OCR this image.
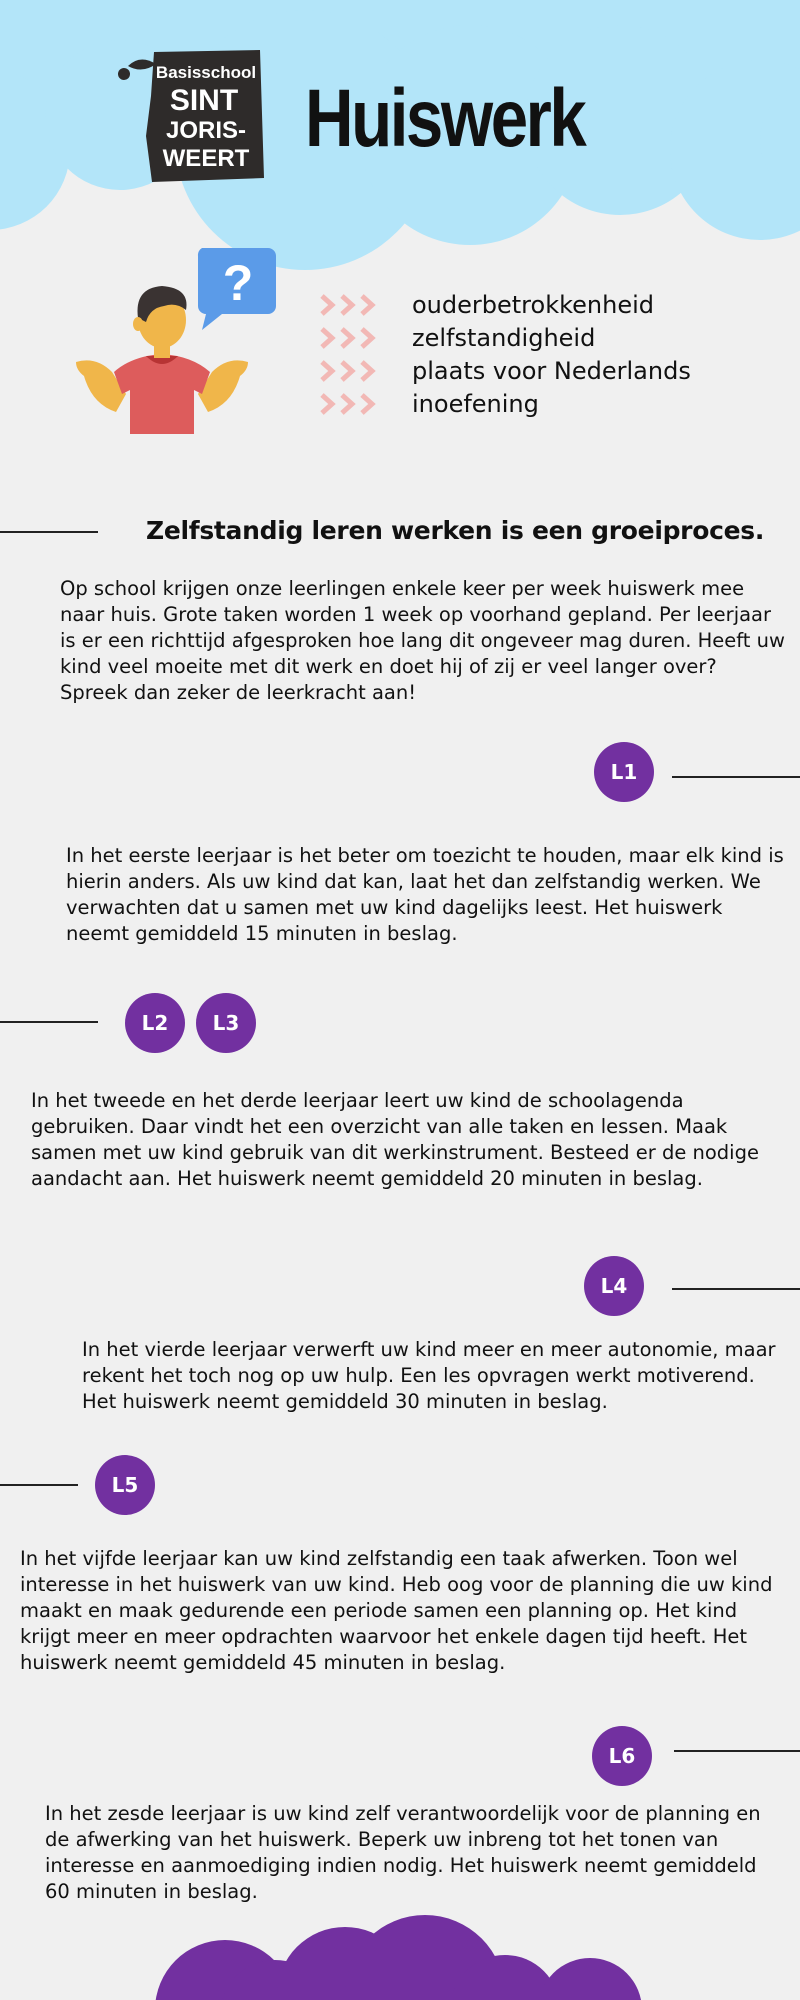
Basisschool
SINT
JORIS-
WEERT Huiswerk
?	ouderbetrokkenheid
zelfstandigheid
plaats voor Nederlands
inoefening
Zelfstandig leren werken is een groeiproces.

Op school krijgen onze leerlingen enkele keer per week huiswerk mee naar huis. Grote taken worden 1 week op voorhand gepland. Per leerjaar is er een richttijd afgesproken hoe lang dit ongeveer mag duren. Heeft uw kind veel moeite met dit werk en doet hij of zij er veel langer over? Spreek dan zeker de leerkracht aan!

L1

In het eerste leerjaar is het beter om toezicht te houden, maar elk kind is hierin anders. Als uw kind dat kan, laat het dan zelfstandig werken. We verwachten dat u samen met uw kind dagelijks leest. Het huiswerk neemt gemiddeld 15 minuten in beslag.

L2	L3

In het tweede en het derde leerjaar leert uw kind de schoolagenda gebruiken. Daar vindt het een overzicht van alle taken en lessen. Maak samen met uw kind gebruik van dit werkinstrument. Besteed er de nodige aandacht aan. Het huiswerk neemt gemiddeld 20 minuten in beslag.

L4

In het vierde leerjaar verwerft uw kind meer en meer autonomie, maar rekent het toch nog op uw hulp. Een les opvragen werkt motiverend. Het huiswerk neemt gemiddeld 30 minuten in beslag.

L5

In het vijfde leerjaar kan uw kind zelfstandig een taak afwerken. Toon wel interesse in het huiswerk van uw kind. Heb oog voor de planning die uw kind maakt en maak gedurende een periode samen een planning op. Het kind krijgt meer en meer opdrachten waarvoor het enkele dagen tijd heeft. Het huiswerk neemt gemiddeld 45 minuten in beslag.

L6

In het zesde leerjaar is uw kind zelf verantwoordelijk voor de planning en de afwerking van het huiswerk. Beperk uw inbreng tot het tonen van interesse en aanmoediging indien nodig. Het huiswerk neemt gemiddeld 60 minuten in beslag.
